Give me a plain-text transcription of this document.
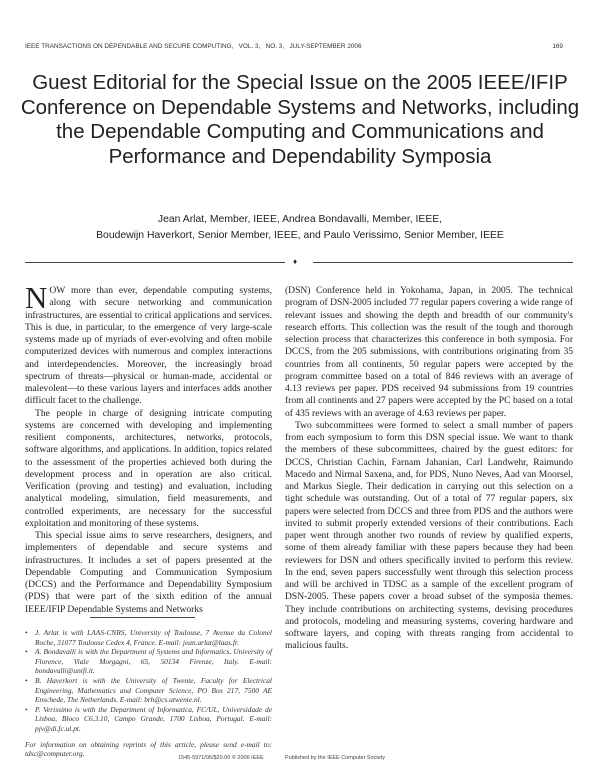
IEEE TRANSACTIONS ON DEPENDABLE AND SECURE COMPUTING,   VOL. 3,   NO. 3,   JULY-SEPTEMBER 2006	169
Guest Editorial for the Special Issue on the 2005 IEEE/IFIP Conference on Dependable Systems and Networks, including the Dependable Computing and Communications and Performance and Dependability Symposia
Jean Arlat, Member, IEEE, Andrea Bondavalli, Member, IEEE,
Boudewijn Haverkort, Senior Member, IEEE, and Paulo Verissimo, Senior Member, IEEE
♦

NOW more than ever, dependable computing systems, along with secure networking and communication infrastructures, are essential to critical applications and services. This is due, in particular, to the emergence of very large-scale systems made up of myriads of ever-evolving and often mobile computerized devices with numerous and complex interactions and interdependencies. Moreover, the increasingly broad spectrum of threats—physical or human-made, accidental or malevolent—to these various layers and interfaces adds another difficult facet to the challenge.

The people in charge of designing intricate computing systems are concerned with developing and implementing resilient components, architectures, networks, protocols, software algorithms, and applications. In addition, topics related to the assessment of the properties achieved both during the development process and in operation are also critical. Verification (proving and testing) and evaluation, including analytical modeling, simulation, field measurements, and controlled experiments, are necessary for the successful exploitation and monitoring of these systems.

This special issue aims to serve researchers, designers, and implementers of dependable and secure systems and infrastructures. It includes a set of papers presented at the Dependable Computing and Communication Symposium (DCCS) and the Performance and Dependability Symposium (PDS) that were part of the sixth edition of the annual IEEE/IFIP Dependable Systems and Networks

(DSN) Conference held in Yokohama, Japan, in 2005. The technical program of DSN-2005 included 77 regular papers covering a wide range of relevant issues and showing the depth and breadth of our community's research efforts. This collection was the result of the tough and thorough selection process that characterizes this conference in both symposia. For DCCS, from the 205 submissions, with contributions originating from 35 countries from all continents, 50 regular papers were accepted by the program committee based on a total of 846 reviews with an average of 4.13 reviews per paper. PDS received 94 submissions from 19 countries from all continents and 27 papers were accepted by the PC based on a total of 435 reviews with an average of 4.63 reviews per paper.

Two subcommittees were formed to select a small number of papers from each symposium to form this DSN special issue. We want to thank the members of these subcommittees, chaired by the guest editors: for DCCS, Christian Cachin, Farnam Jahanian, Carl Landwehr, Raimundo Macedo and Nirmal Saxena, and, for PDS, Nuno Neves, Aad van Moorsel, and Markus Siegle. Their dedication in carrying out this selection on a tight schedule was outstanding. Out of a total of 77 regular papers, six papers were selected from DCCS and three from PDS and the authors were invited to submit properly extended versions of their contributions. Each paper went through another two rounds of review by qualified experts, some of them already familiar with these papers because they had been reviewers for DSN and others specifically invited to perform this review. In the end, seven papers successfully went through this selection process and will be archived in TDSC as a sample of the excellent program of DSN-2005. These papers cover a broad subset of the symposia themes. They include contributions on architecting systems, devising procedures and protocols, modeling and measuring systems, covering hardware and software layers, and coping with threats ranging from accidental to malicious faults.

• J. Arlat is with LAAS-CNRS, University of Toulouse, 7 Avenue du Colonel Roche, 31077 Toulouse Cedex 4, France. E-mail: jean.arlat@laas.fr.
• A. Bondavalli is with the Department of Systems and Informatics, University of Florence, Viale Morgagni, 65, 50134 Firenze, Italy. E-mail: bondavalli@unifi.it.
• B. Haverkort is with the University of Twente, Faculty for Electrical Engineering, Mathematics and Computer Science, PO Box 217, 7500 AE Enschede, The Netherlands. E-mail: brh@cs.utwente.nl.
• P. Verissimo is with the Department of Informatica, FC/UL, Universidade de Lisboa, Bloco C6.3.10, Campo Grande, 1700 Lisboa, Portugal. E-mail: pjv@di.fc.ul.pt.
For information on obtaining reprints of this article, please send e-mail to: tdsc@computer.org.	1545-5971/06/$20.00 © 2006 IEEE	Published by the IEEE Computer Society
